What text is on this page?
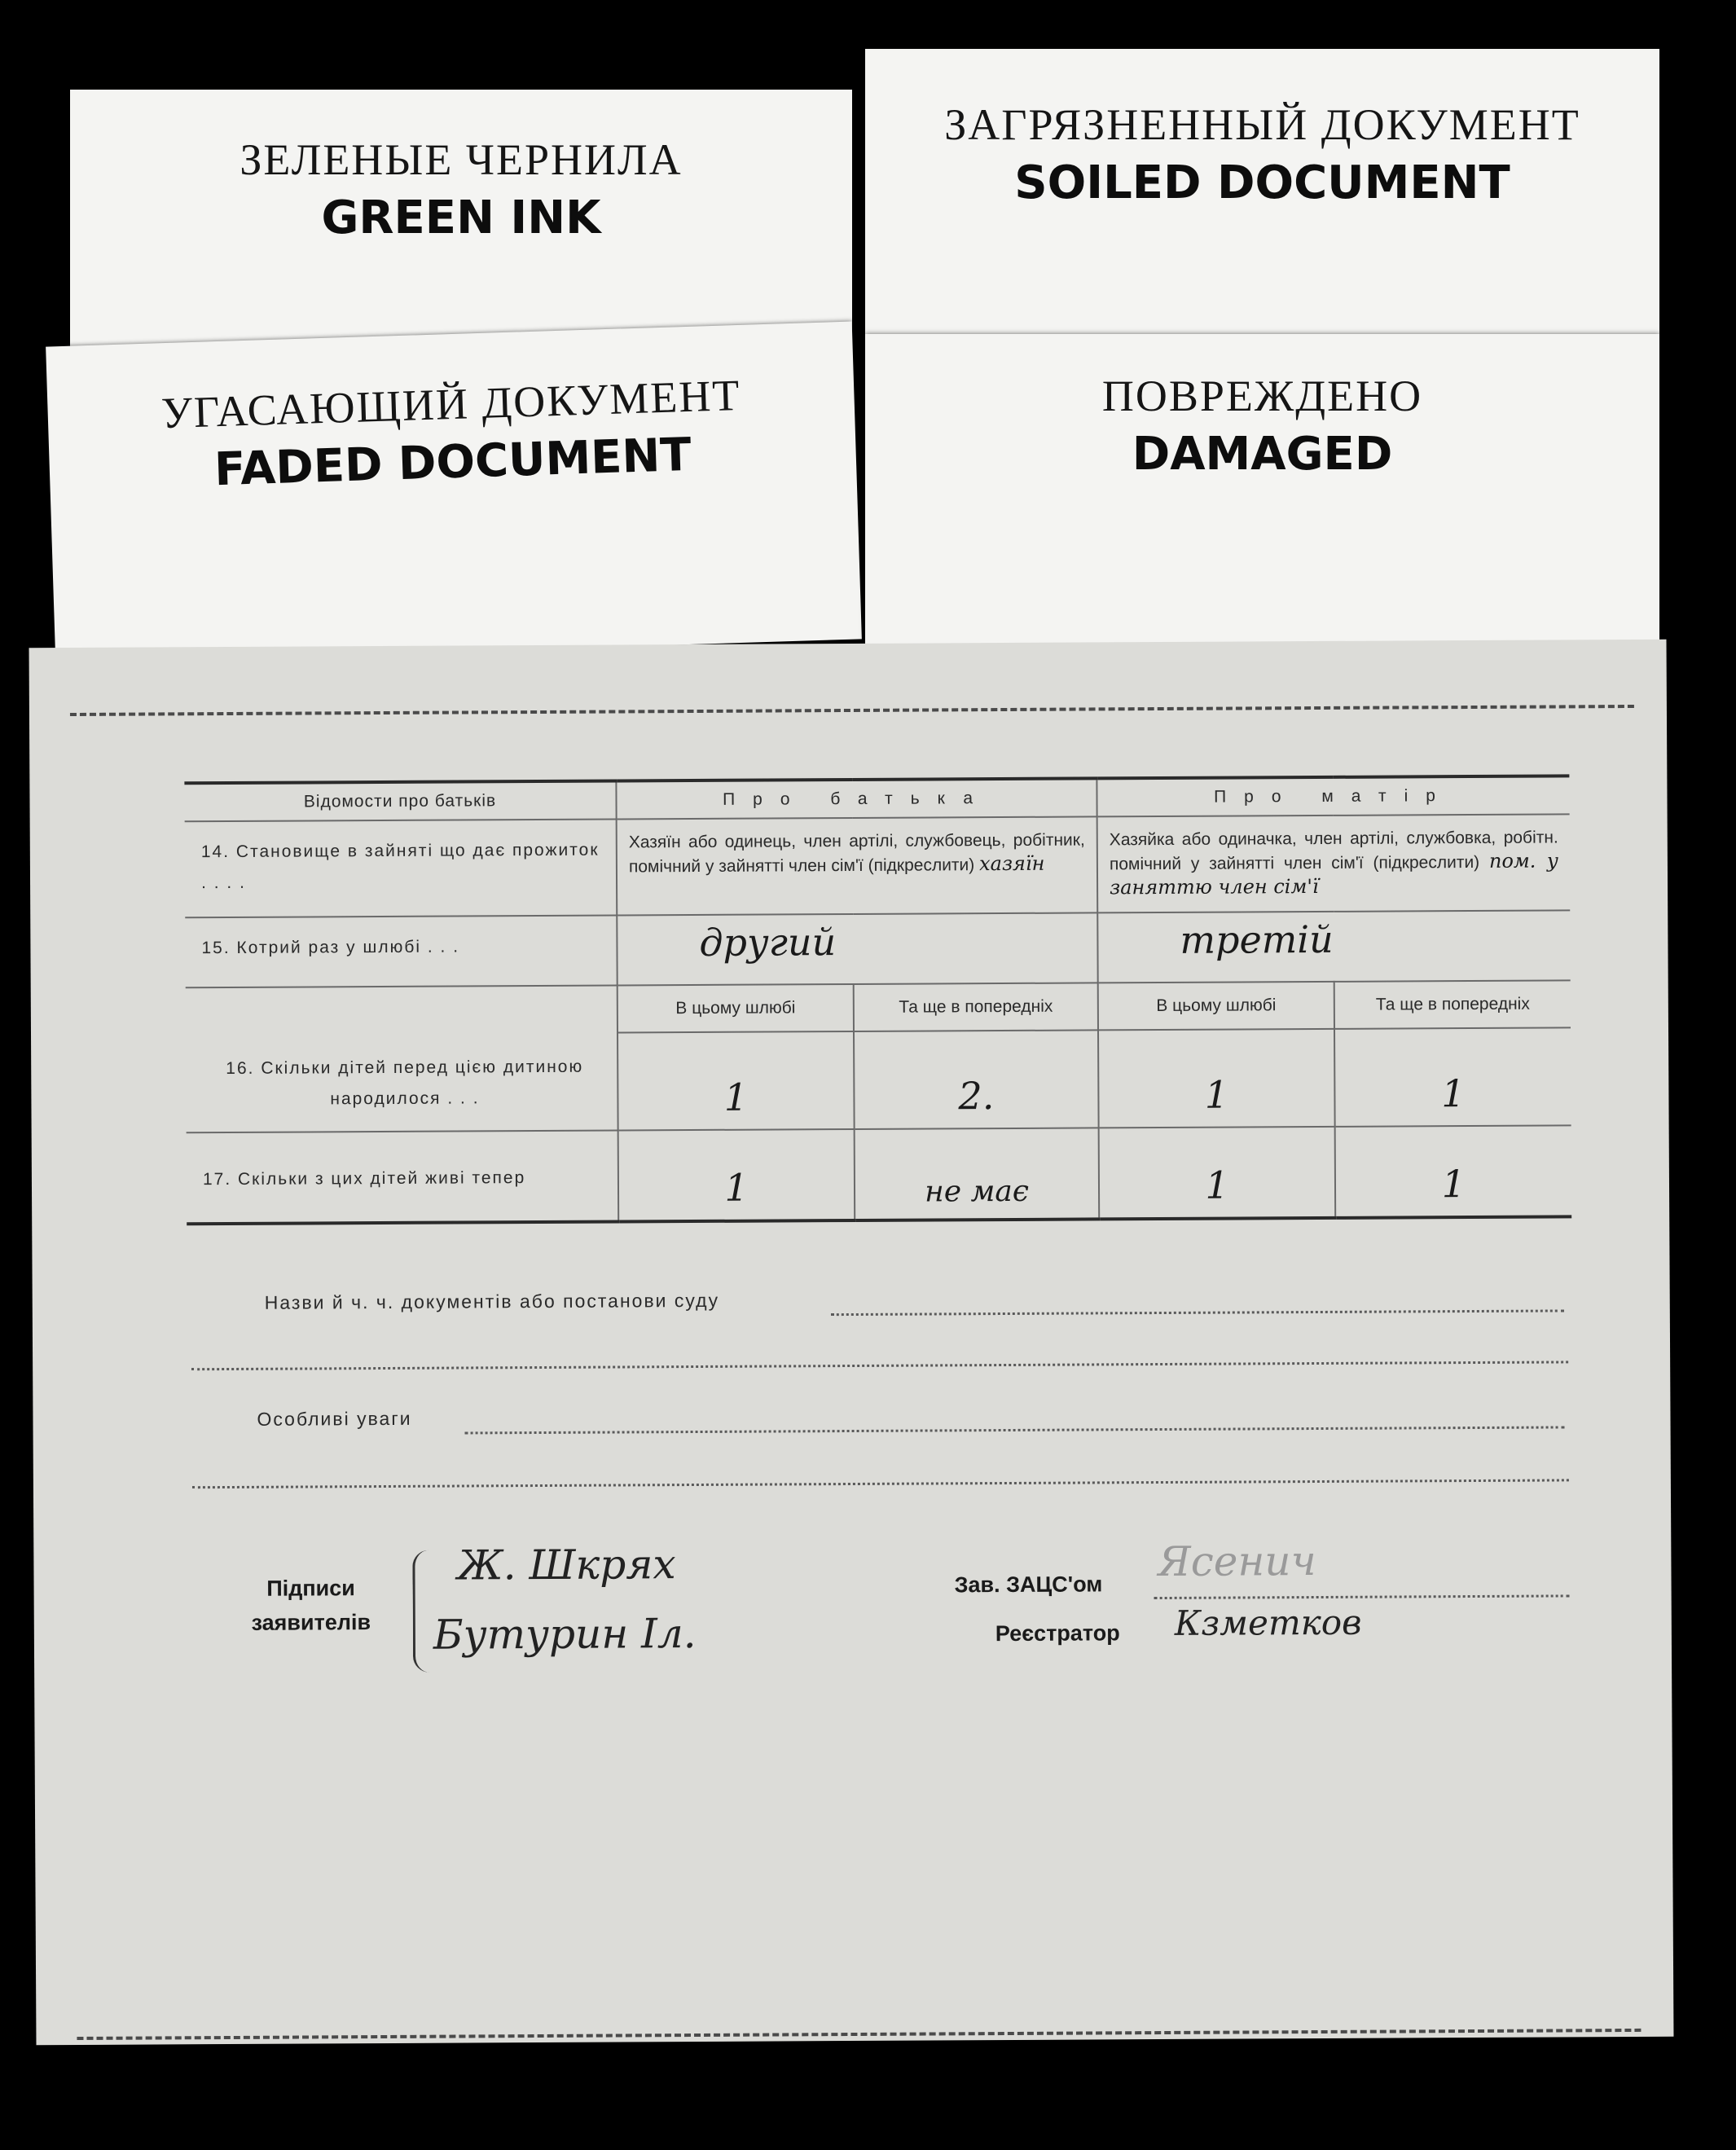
ЗЕЛЕНЫЕ ЧЕРНИЛА
GREEN INK
ЗАГРЯЗНЕННЫЙ ДОКУМЕНТ
SOILED DOCUMENT
УГАСАЮЩИЙ ДОКУМЕНТ
FADED DOCUMENT
ПОВРЕЖДЕНО
DAMAGED
Відомости про батьків	Про батька		Про матір	
14. Становище в зайняті що дає прожиток . . . .	Хазяїн або одинець, член артілі, службовець, робітник, помічний у зайнятті член сім'ї (підкреслити) хазяїн		Хазяйка або одиначка, член артілі, службовка, робітн. помічний у зайнятті член сім'ї (підкреслити) пом. у заняттю член сім'ї	
15. Котрий раз у шлюбі . . .	другий		третій	

16. Скільки дітей перед цією дитиною народилося . . .	В цьому шлюбі	Та ще в попередніх	В цьому шлюбі	Та ще в попередніх

	1	2.	1	1

17. Скільки з цих дітей живі тепер	1	не має	1	1
Назви й ч. ч. документів або постанови суду
Особливі уваги
Підписи заявителів
Ж. Шкрях
Бутурин Іл.
Зав. ЗАЦС'ом Ясенич
Реєстратор Кзметков
